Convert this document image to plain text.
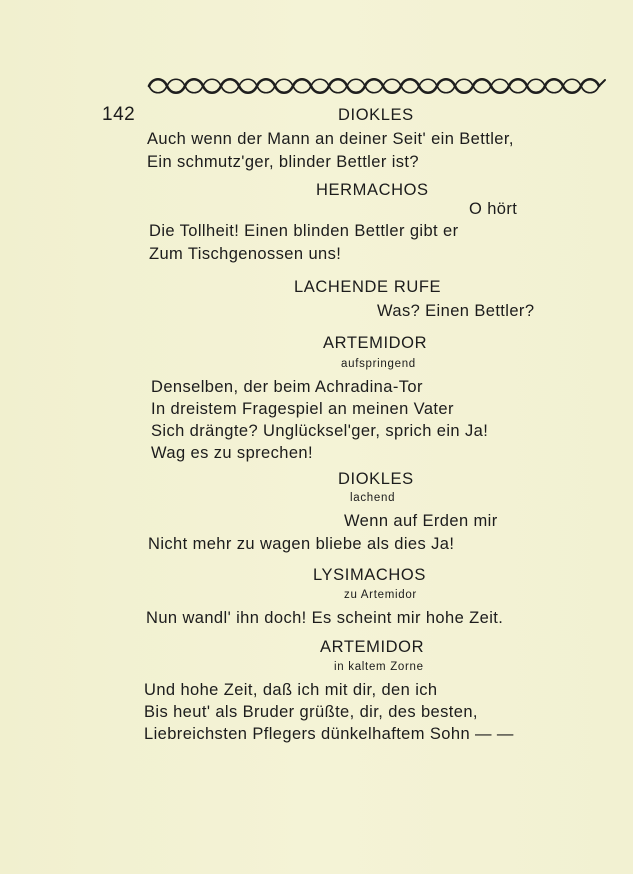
142	DIOKLES
Auch wenn der Mann an deiner Seit' ein Bettler,
Ein schmutz'ger, blinder Bettler ist?
HERMACHOS
O hört
Die Tollheit! Einen blinden Bettler gibt er
Zum Tischgenossen uns!
LACHENDE RUFE
Was? Einen Bettler?
ARTEMIDOR
aufspringend
Denselben, der beim Achradina-Tor
In dreistem Fragespiel an meinen Vater
Sich drängte? Unglücksel'ger, sprich ein Ja!
Wag es zu sprechen!
DIOKLES
lachend
Wenn auf Erden mir
Nicht mehr zu wagen bliebe als dies Ja!
LYSIMACHOS
zu Artemidor
Nun wandl' ihn doch! Es scheint mir hohe Zeit.
ARTEMIDOR
in kaltem Zorne
Und hohe Zeit, daß ich mit dir, den ich
Bis heut' als Bruder grüßte, dir, des besten,
Liebreichsten Pflegers dünkelhaftem Sohn — —
